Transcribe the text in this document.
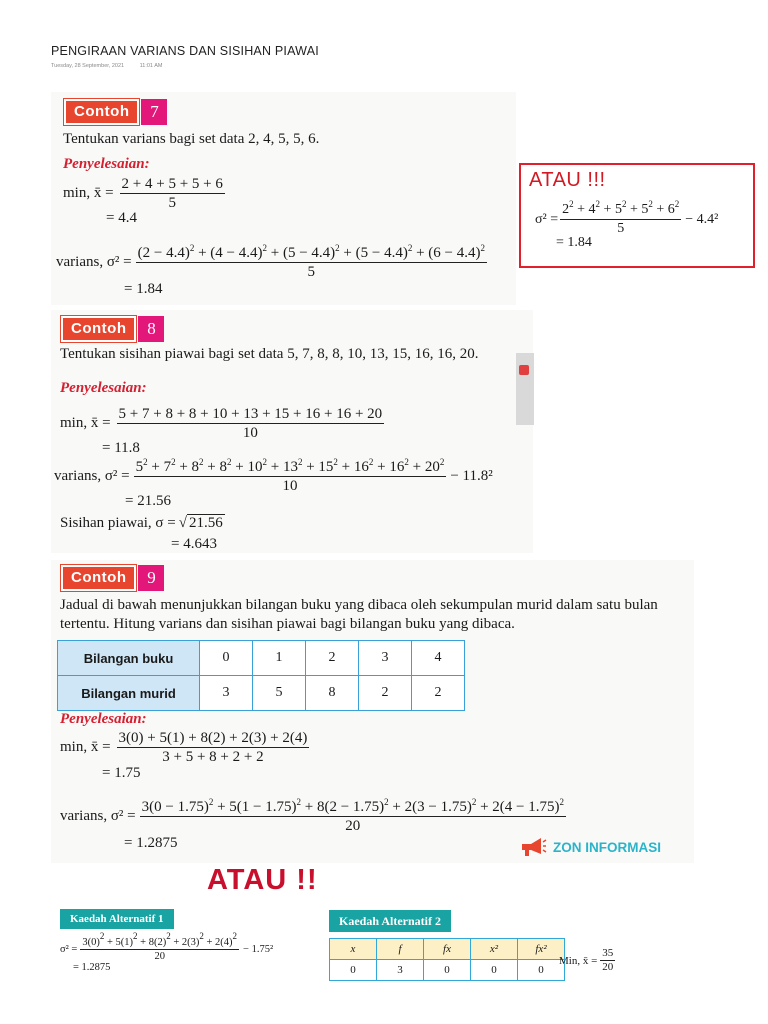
PENGIRAAN VARIANS DAN SISIHAN PIAWAI
Tuesday, 28 September, 2021	11:01 AM
Contoh	7
Tentukan varians bagi set data 2, 4, 5, 5, 6.
Penyelesaian:
min, x̄ = $\frac{2 + 4 + 5 + 5 + 6}{5}$
= 4.4
varians, σ² =
$(2 - 4.4)^2 + (4 - 4.4)^2 + (5 - 4.4)^2 + (5 - 4.4)^2 + (6 - 4.4)^2$
5
= 1.84
ATAU !!!
$\sigma^2 = \frac{2^2 + 4^2 + 5^2 + 5^2 + 6^2}{5} - 4.4^2$
= 1.84
Contoh	8
Tentukan sisihan piawai bagi set data 5, 7, 8, 8, 10, 13, 15, 16, 16, 20.
Penyelesaian:
min, x̄ = $\frac{5 + 7 + 8 + 8 + 10 + 13 + 15 + 16 + 16 + 20}{10}$
= 11.8
varians, $\sigma^2 = \frac{5^2 + 7^2 + 8^2 + 8^2 + 10^2 + 13^2 + 15^2 + 16^2 + 16^2 + 20^2}{10} - 11.8^2$
= 21.56
Sisihan piawai, σ = √ 21.56
= 4.643
Contoh	9
Jadual di bawah menunjukkan bilangan buku yang dibaca oleh sekumpulan murid dalam satu bulan
tertentu. Hitung varians dan sisihan piawai bagi bilangan buku yang dibaca.
Bilangan buku	0	1	2	3	4
Bilangan murid	3	5	8	2	2
Penyelesaian:
min, x̄ = $\frac{3(0) + 5(1) + 8(2) + 2(3) + 2(4)}{3 + 5 + 8 + 2 + 2}$
= 1.75
varians, σ² =
$3(0 - 1.75)^2 + 5(1 - 1.75)^2 + 8(2 - 1.75)^2 + 2(3 - 1.75)^2 + 2(4 - 1.75)^2$
20
= 1.2875	ZON INFORMASI
ATAU !!
Kaedah Alternatif 1
$\sigma^2 = \frac{3(0)^2 + 5(1)^2 + 8(2)^2 + 2(3)^2 + 2(4)^2}{20} - 1.75^2$
= 1.2875
Kaedah Alternatif 2
x	f	fx	x²	fx²
0	3	0	0	0
Min, x̄ = $\frac{35}{20}$
